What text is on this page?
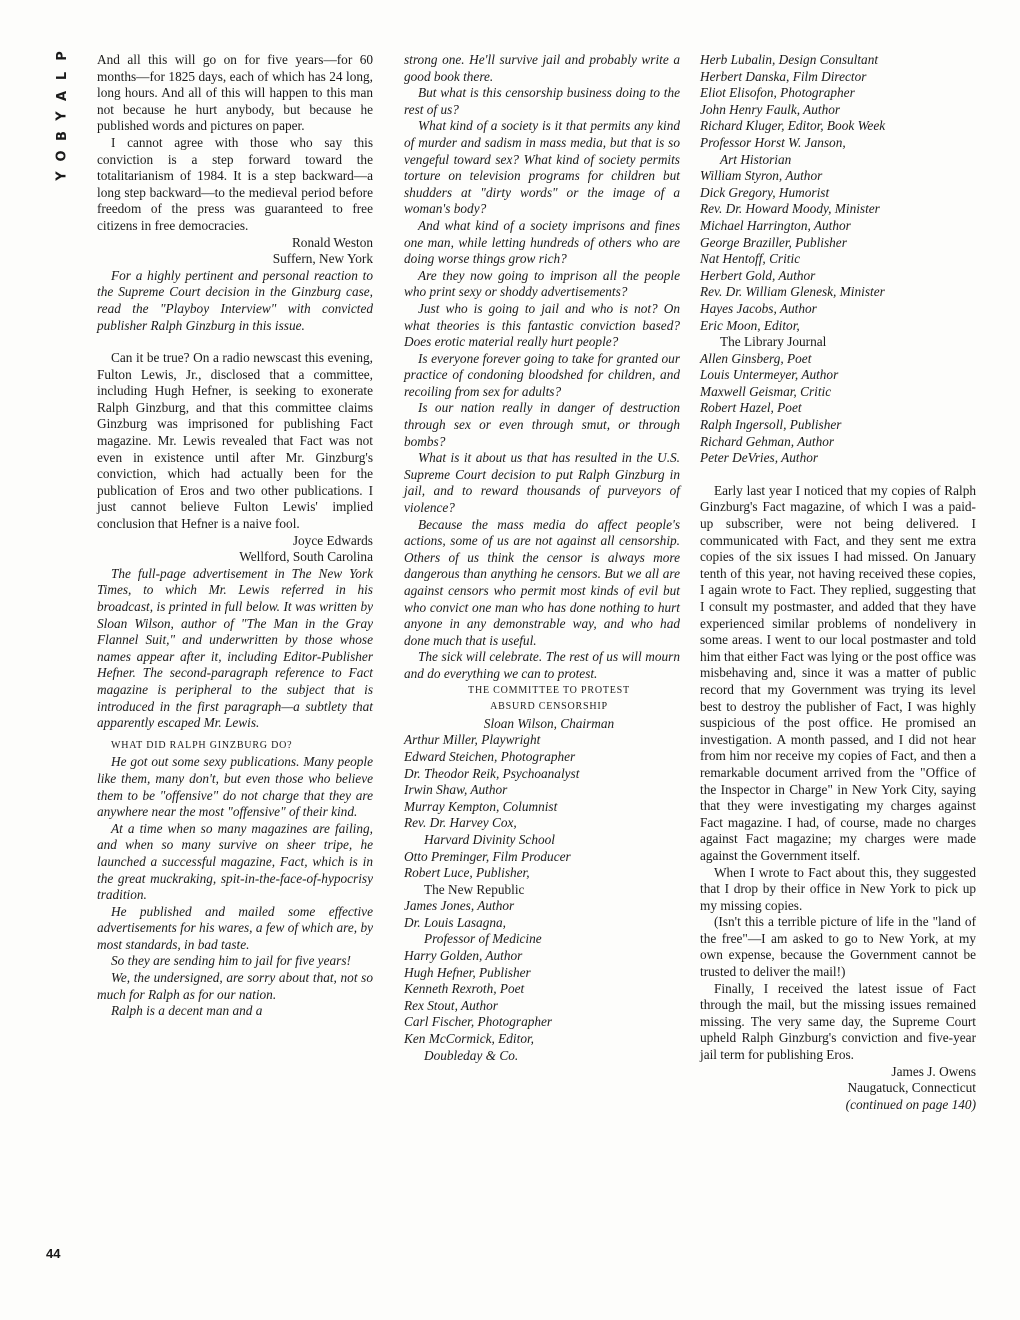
P
L
A
Y
B
O
Y
44

And all this will go on for five years—for 60 months—for 1825 days, each of which has 24 long, long hours. And all of this will happen to this man not because he hurt anybody, but because he published words and pictures on paper.

I cannot agree with those who say this conviction is a step forward toward the totalitarianism of 1984. It is a step backward—a long step backward—to the medieval period before freedom of the press was guaranteed to free citizens in free democracies.

Ronald Weston
Suffern, New York

For a highly pertinent and personal reaction to the Supreme Court decision in the Ginzburg case, read the "Playboy Interview" with convicted publisher Ralph Ginzburg in this issue.

Can it be true? On a radio newscast this evening, Fulton Lewis, Jr., disclosed that a committee, including Hugh Hefner, is seeking to exonerate Ralph Ginzburg, and that this committee claims Ginzburg was imprisoned for publishing Fact magazine. Mr. Lewis revealed that Fact was not even in existence until after Mr. Ginzburg's conviction, which had actually been for the publication of Eros and two other publications. I just cannot believe Fulton Lewis' implied conclusion that Hefner is a naive fool.

Joyce Edwards
Wellford, South Carolina

The full-page advertisement in The New York Times, to which Mr. Lewis referred in his broadcast, is printed in full below. It was written by Sloan Wilson, author of "The Man in the Gray Flannel Suit," and underwritten by those whose names appear after it, including Editor-Publisher Hefner. The second-paragraph reference to Fact magazine is peripheral to the subject that is introduced in the first paragraph—a subtlety that apparently escaped Mr. Lewis.

WHAT DID RALPH GINZBURG DO?

He got out some sexy publications. Many people like them, many don't, but even those who believe them to be "offensive" do not charge that they are anywhere near the most "offensive" of their kind.

At a time when so many magazines are failing, and when so many survive on sheer tripe, he launched a successful magazine, Fact, which is in the great muckraking, spit-in-the-face-of-hypocrisy tradition.

He published and mailed some effective advertisements for his wares, a few of which are, by most standards, in bad taste.

So they are sending him to jail for five years!

We, the undersigned, are sorry about that, not so much for Ralph as for our nation.

Ralph is a decent man and a

strong one. He'll survive jail and probably write a good book there.

But what is this censorship business doing to the rest of us?

What kind of a society is it that permits any kind of murder and sadism in mass media, but that is so vengeful toward sex? What kind of society permits torture on television programs for children but shudders at "dirty words" or the image of a woman's body?

And what kind of a society imprisons and fines one man, while letting hundreds of others who are doing worse things grow rich?

Are they now going to imprison all the people who print sexy or shoddy advertisements?

Just who is going to jail and who is not? On what theories is this fantastic conviction based? Does erotic material really hurt people?

Is everyone forever going to take for granted our practice of condoning bloodshed for children, and recoiling from sex for adults?

Is our nation really in danger of destruction through sex or even through smut, or through bombs?

What is it about us that has resulted in the U.S. Supreme Court decision to put Ralph Ginzburg in jail, and to reward thousands of purveyors of violence?

Because the mass media do affect people's actions, some of us are not against all censorship. Others of us think the censor is always more dangerous than anything he censors. But we all are against censors who permit most kinds of evil but who convict one man who has done nothing to hurt anyone in any demonstrable way, and who had done much that is useful.

The sick will celebrate. The rest of us will mourn and do everything we can to protest.

THE COMMITTEE TO PROTEST

ABSURD CENSORSHIP

Sloan Wilson, Chairman

Arthur Miller, Playwright
Edward Steichen, Photographer
Dr. Theodor Reik, Psychoanalyst
Irwin Shaw, Author
Murray Kempton, Columnist
Rev. Dr. Harvey Cox,
Harvard Divinity School
Otto Preminger, Film Producer
Robert Luce, Publisher,
The New Republic
James Jones, Author
Dr. Louis Lasagna,
Professor of Medicine
Harry Golden, Author
Hugh Hefner, Publisher
Kenneth Rexroth, Poet
Rex Stout, Author
Carl Fischer, Photographer
Ken McCormick, Editor,
Doubleday & Co.
Herb Lubalin, Design Consultant
Herbert Danska, Film Director
Eliot Elisofon, Photographer
John Henry Faulk, Author
Richard Kluger, Editor, Book Week
Professor Horst W. Janson,
Art Historian
William Styron, Author
Dick Gregory, Humorist
Rev. Dr. Howard Moody, Minister
Michael Harrington, Author
George Braziller, Publisher
Nat Hentoff, Critic
Herbert Gold, Author
Rev. Dr. William Glenesk, Minister
Hayes Jacobs, Author
Eric Moon, Editor,
The Library Journal
Allen Ginsberg, Poet
Louis Untermeyer, Author
Maxwell Geismar, Critic
Robert Hazel, Poet
Ralph Ingersoll, Publisher
Richard Gehman, Author
Peter DeVries, Author

Early last year I noticed that my copies of Ralph Ginzburg's Fact magazine, of which I was a paid-up subscriber, were not being delivered. I communicated with Fact, and they sent me extra copies of the six issues I had missed. On January tenth of this year, not having received these copies, I again wrote to Fact. They replied, suggesting that I consult my postmaster, and added that they have experienced similar problems of nondelivery in some areas. I went to our local postmaster and told him that either Fact was lying or the post office was misbehaving and, since it was a matter of public record that my Government was trying its level best to destroy the publisher of Fact, I was highly suspicious of the post office. He promised an investigation. A month passed, and I did not hear from him nor receive my copies of Fact, and then a remarkable document arrived from the "Office of the Inspector in Charge" in New York City, saying that they were investigating my charges against Fact magazine. I had, of course, made no charges against Fact magazine; my charges were made against the Government itself.

When I wrote to Fact about this, they suggested that I drop by their office in New York to pick up my missing copies.

(Isn't this a terrible picture of life in the "land of the free"—I am asked to go to New York, at my own expense, because the Government cannot be trusted to deliver the mail!)

Finally, I received the latest issue of Fact through the mail, but the missing issues remained missing. The very same day, the Supreme Court upheld Ralph Ginzburg's conviction and five-year jail term for publishing Eros.

James J. Owens
Naugatuck, Connecticut

(continued on page 140)
